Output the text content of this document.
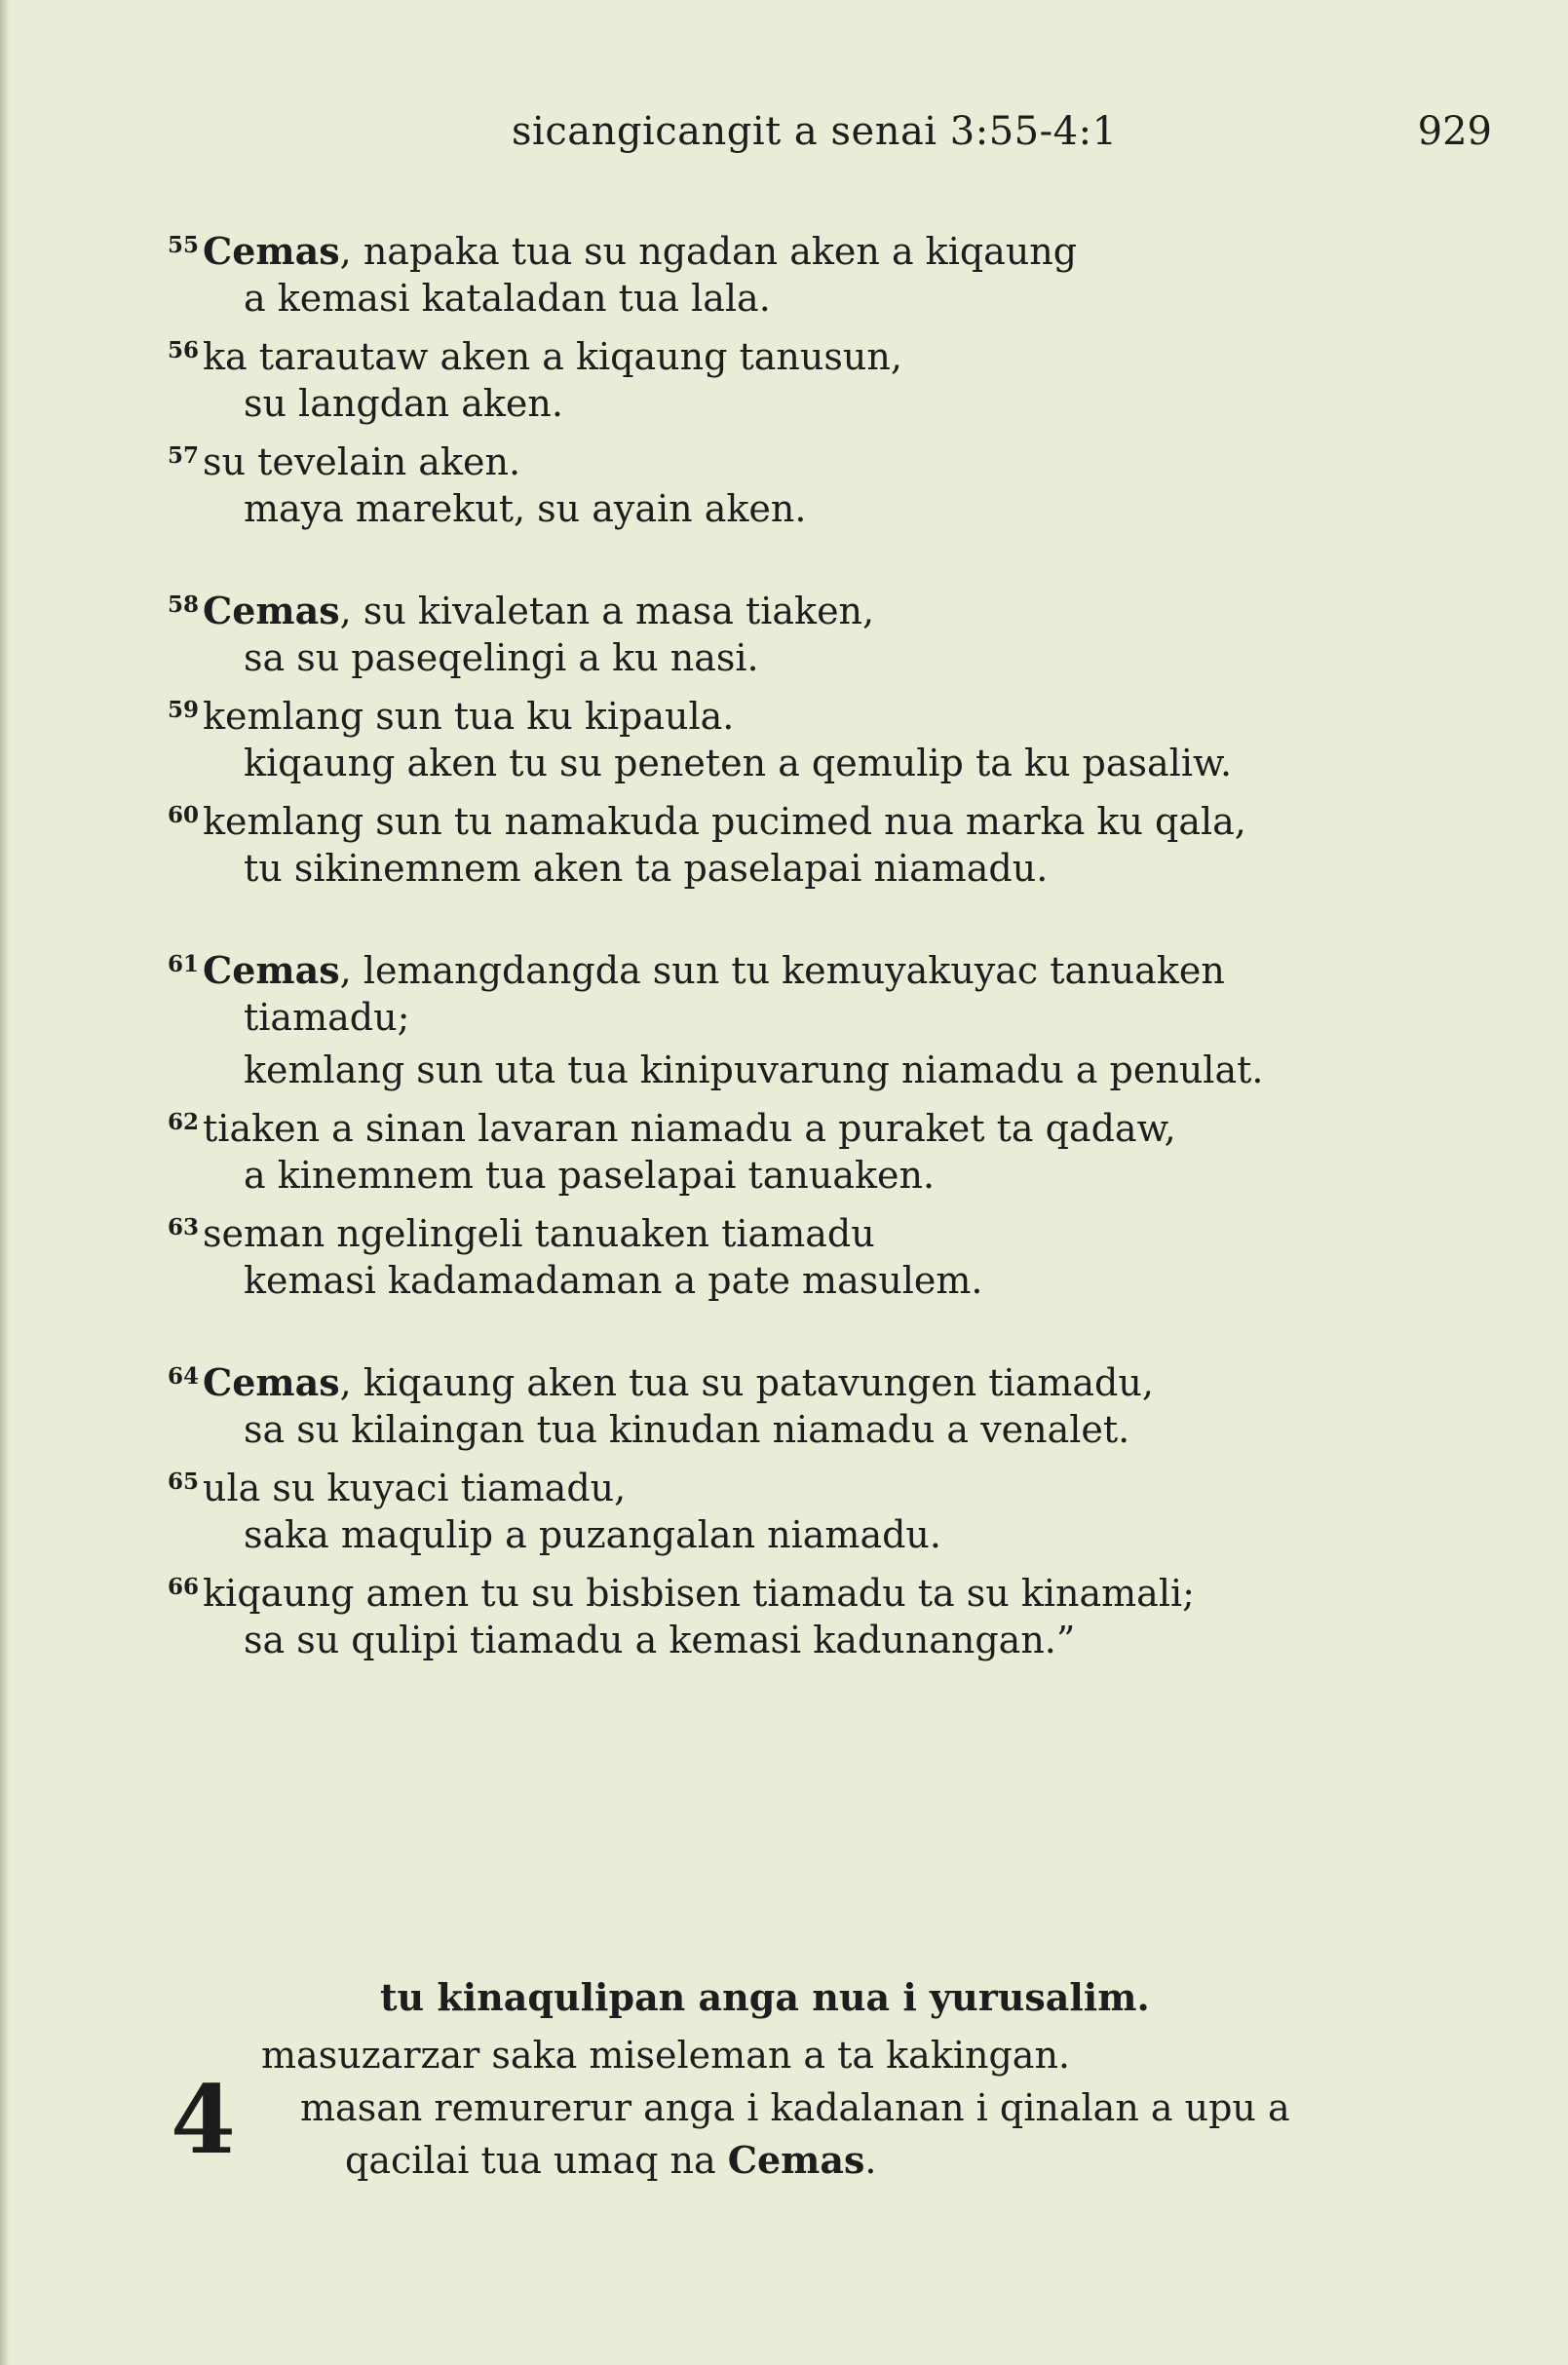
sicangicangit a senai 3:55-4:1	929
$^{55}$ Cemas, napaka tua su ngadan aken a kiqaung
a kemasi kataladan tua lala.
$^{56}$ ka tarautaw aken a kiqaung tanusun,
su langdan aken.
$^{57}$ su tevelain aken.
maya marekut, su ayain aken.
$^{58}$ Cemas, su kivaletan a masa tiaken,
sa su paseqelingi a ku nasi.
$^{59}$ kemlang sun tua ku kipaula.
kiqaung aken tu su peneten a qemulip ta ku pasaliw.
$^{60}$ kemlang sun tu namakuda pucimed nua marka ku qala,
tu sikinemnem aken ta paselapai niamadu.
$^{61}$ Cemas, lemangdangda sun tu kemuyakuyac tanuaken
tiamadu;
kemlang sun uta tua kinipuvarung niamadu a penulat.
$^{62}$ tiaken a sinan lavaran niamadu a puraket ta qadaw,
a kinemnem tua paselapai tanuaken.
$^{63}$ seman ngelingeli tanuaken tiamadu
kemasi kadamadaman a pate masulem.
$^{64}$ Cemas, kiqaung aken tua su patavungen tiamadu,
sa su kilaingan tua kinudan niamadu a venalet.
$^{65}$ ula su kuyaci tiamadu,
saka maqulip a puzangalan niamadu.
$^{66}$ kiqaung amen tu su bisbisen tiamadu ta su kinamali;
sa su qulipi tiamadu a kemasi kadunangan.”
tu kinaqulipan anga nua i yurusalim.
4
masuzarzar saka miseleman a ta kakingan.
masan remurerur anga i kadalanan i qinalan a upu a
qacilai tua umaq na Cemas.
